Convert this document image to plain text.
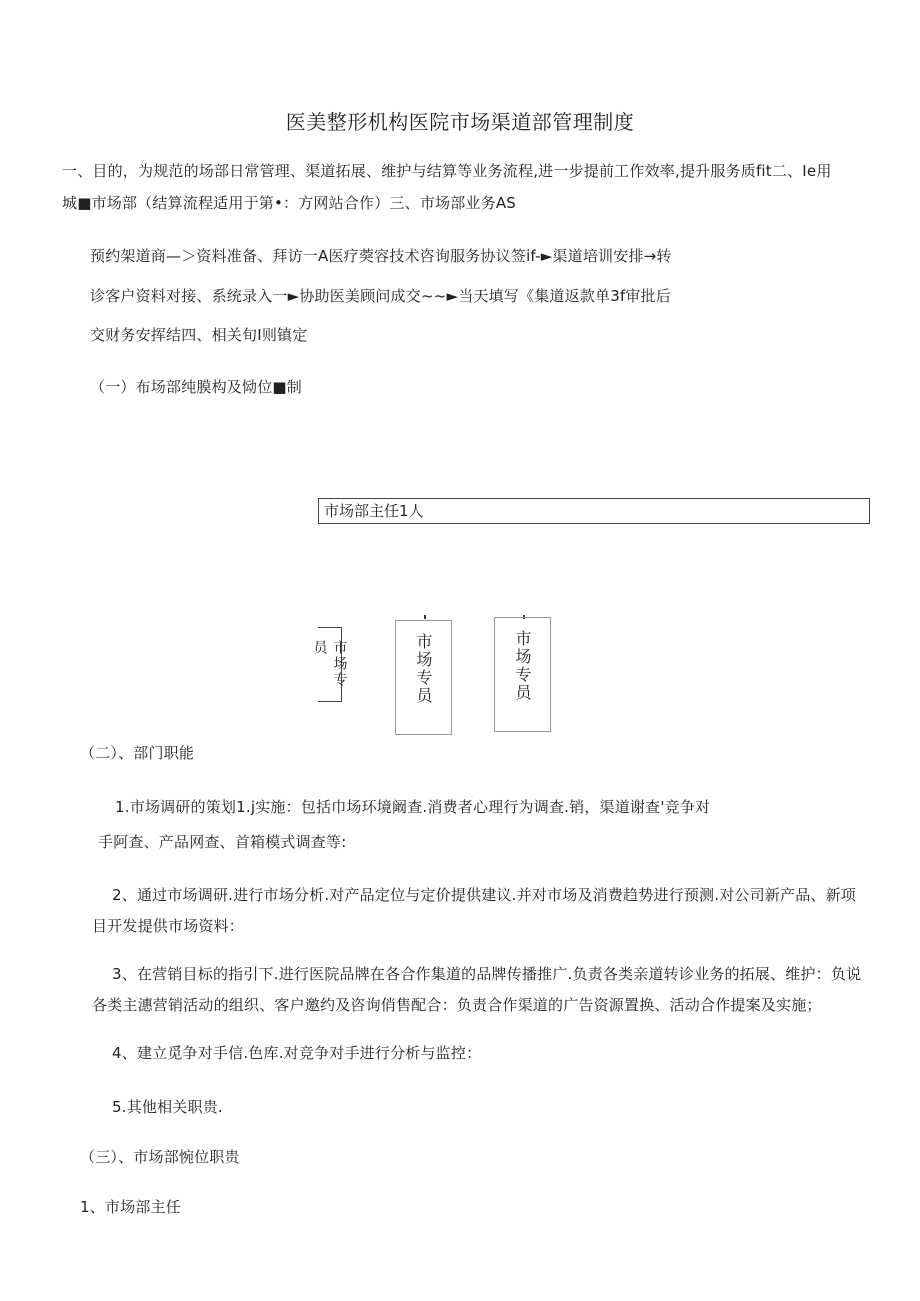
医美整形机构医院市场渠道部管理制度
一、目的，为规范的场部日常管理、渠道拓展、维护与结算等业务流程,进一步提前工作效率,提升服务质fit二、Ie用
城■市场部（结算流程适用于第•：方网站合作）三、市场部业务AS
预约架道商—＞资料准备、拜访一A医疗葖容技术咨询服务协议签if-►渠道培训安排→转
诊客户资料对接、系统录入一►协助医美顾问成交~~►当天填写《集道返款单3f审批后
交财务安挥结四、相关旬I则镇定
（一）布场部纯膜构及恸位■制
市场部主任1人
市场专员	市场专员	市场专员
（二）、部门职能
1.市场调研的策划1.j实施：包括巾场环境阚查.消费者心理行为调查.销，渠道谢查'竞争对
手阿查、产品网查、首箱模式调查等:
2、通过市场调研.进行市场分析.对产品定位与定价提供建议.并对市场及消费趋势进行预测.对公司新产品、新项
目开发提供市场资料：
3、在营销目标的指引下.进行医院品牌在各合作集道的品牌传播推广.负责各类亲道转诊业务的拓展、维护：负说
各类主潓营销活动的组织、客户邀约及咨询俏售配合：负责合作渠道的广告资源置换、活动合作提案及实施；
4、建立觅争对手信.色库.对竞争对手进行分析与监控：
5.其他相关职贵.
（三）、市场部惋位职贵
1、市场部主任
